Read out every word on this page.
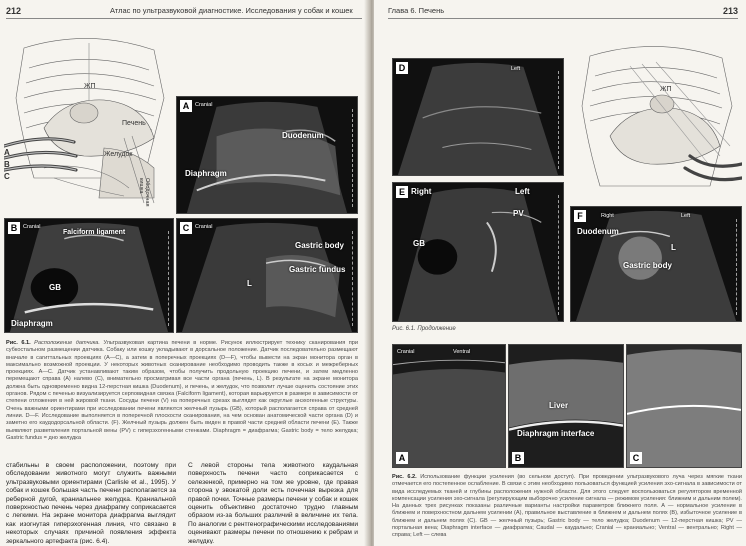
212	Атлас по ультразвуковой диагностике. Исследования у собак и кошек
ЖП
Печень
Желудок
Ободочная кишка
A
B
C
A	Cranial
Duodenum
Diaphragm
B	Cranial
Falciform ligament
GB
Diaphragm
C	Cranial
Gastric body
Gastric fundus
L
Рис. 6.1. Расположение датчика. Ультразвуковая картина печени в норме. Рисунок иллюстрирует технику сканирования при субкостальном размещении датчика. Собаку или кошку укладывают в дорсальное положение. Датчик последовательно размещают вначале в сагиттальных проекциях (A—C), а затем в поперечных проекциях (D—F), чтобы вывести на экран монитора орган в максимально возможной проекции. У некоторых животных сканирование необходимо проводить также в косых и межреберных проекциях. A—C. Датчик устанавливают таким образом, чтобы получить продольную проекцию печени, и затем медленно перемещают справа (A) налево (C), внимательно просматривая все части органа (печень, L). В результате на экране монитора должна быть одновременно видна 12-перстная кишка (Duodenum), и печень, и желудок, что позволит лучше оценить состояние этих органов. Рядом с печенью визуализируется серповидная связка (Falciform ligament), которая варьируется в размере в зависимости от степени отложения в ней жировой ткани. Сосуды печени (V) на поперечных срезах выглядят как округлые анэхогенные структуры. Очень важными ориентирами при исследовании печени являются желчный пузырь (GB), который располагается справа от средней линии. D—F. Исследование выполняется в поперечной плоскости сканирования, на чем основан анатомической части органа (D) и заметно его каудодорсальной области. (F). Желчный пузырь должен быть виден в правой части средней области печени (E). Также выявляют разветвления портальной вены (PV) с гиперэхогенными стенками. Diaphragm = диафрагма; Gastric body = тело желудка; Gastric fundus = дно желудка
стабильны в своем расположении, поэтому при обследовании животного могут служить важными ультразвуковыми ориентирами (Carlisle et al., 1995). У собак и кошек большая часть печени располагается за реберной дугой, краниальнее желудка. Краниальной поверхностью печень через диафрагму соприкасается с легкими. На экране монитора диафрагма выглядит как изогнутая гиперэхогенная линия, что связано в некоторых случаях причиной появления эффекта зеркального артефакта (рис. 6.4).
С левой стороны тела животного каудальная поверхность печени часто соприкасается с селезенкой, примерно на том же уровне, где правая сторона у эвокатой доли есть почечная вырезка для правой почки. Точные размеры печени у собак и кошек оценить объективно достаточно трудно главным образом из-за больших различий в величине их тела. По аналогии с рентгенографическими исследованиями оценивают размеры печени по отношению к ребрам и желудку.
Глава 6. Печень	213
D	Left
ЖП
E Right	Left
PV
GB
F	Right	Left
Duodenum
Gastric body
L
Рис. 6.1. Продолжение
Cranial	Ventral
A
Liver
Diaphragm interface
B	C
Рис. 6.2. Использование функции усиления (во сельном доступ). При проведении ультразвукового луча через мягкие ткани отмечается его постепенное ослабление. В связи с этим необходимо пользоваться функцией усиления эхо-сигнала в зависимости от вида исследуемых тканей и глубины расположения нужной области. Для этого следует воспользоваться регулятором временной компенсации усиления эхо-сигнала (регулирующим выборочно усиление сигнала — режимом усиления: ближним и дальним полем). На данных трех рисунках показаны различные варианты настройки параметров ближнего поля. A — нормальное усиление в ближнем и поверхностном дальнем усилении (A), правильное выставление в ближнем и дальнем полях (B), избыточное усиление в ближнем и дальнем полях (C). GB — желчный пузырь; Gastric body — тело желудка; Duodenum — 12-перстная кишка; PV — портальная вена; Diaphragm interface — диафрагма; Caudal — каудально; Cranial — краниально; Ventral — вентрально; Right — справа; Left — слева
